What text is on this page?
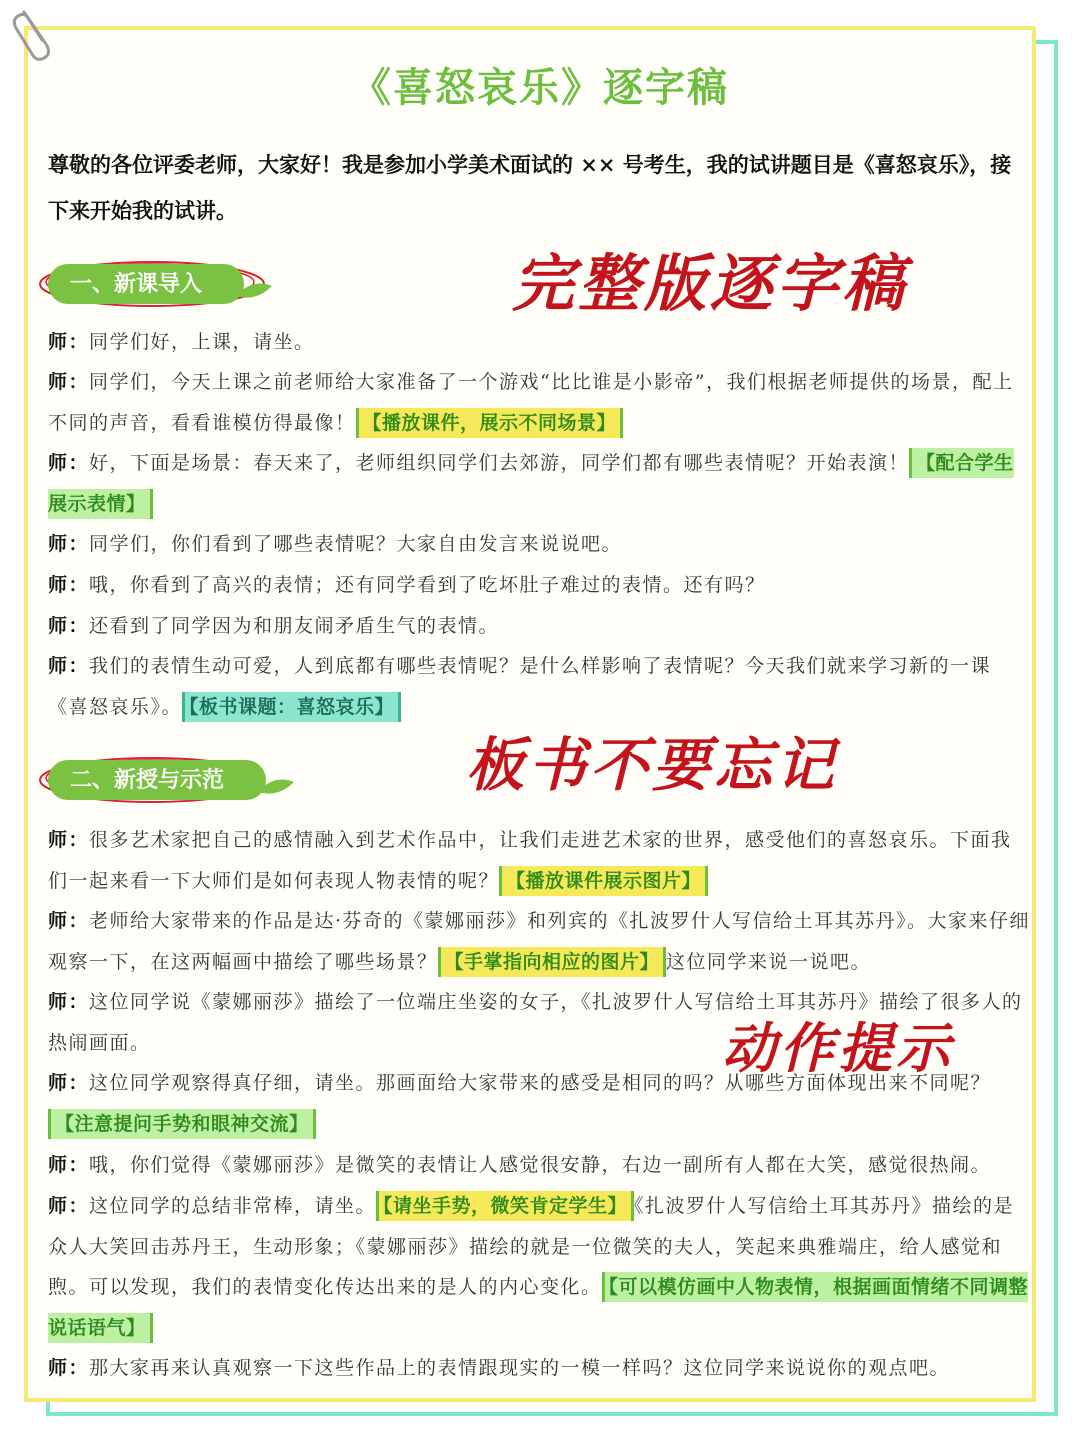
《喜怒哀乐》逐字稿
尊敬的各位评委老师，大家好！我是参加小学美术面试的 ×× 号考生，我的试讲题目是《喜怒哀乐》，接下来开始我的试讲。
一、新课导入	完整版逐字稿
师：同学们好，上课，请坐。
师：同学们，今天上课之前老师给大家准备了一个游戏“比比谁是小影帝”，我们根据老师提供的场景，配上不同的声音，看看谁模仿得最像！ 【播放课件，展示不同场景】
师：好，下面是场景：春天来了，老师组织同学们去郊游，同学们都有哪些表情呢？开始表演！ 【配合学生展示表情】
师：同学们，你们看到了哪些表情呢？大家自由发言来说说吧。
师：哦，你看到了高兴的表情；还有同学看到了吃坏肚子难过的表情。还有吗？
师：还看到了同学因为和朋友闹矛盾生气的表情。
师：我们的表情生动可爱，人到底都有哪些表情呢？是什么样影响了表情呢？今天我们就来学习新的一课《喜怒哀乐》。 【板书课题：喜怒哀乐】
二、新授与示范	板书不要忘记
师：很多艺术家把自己的感情融入到艺术作品中，让我们走进艺术家的世界，感受他们的喜怒哀乐。下面我们一起来看一下大师们是如何表现人物表情的呢？ 【播放课件展示图片】
师：老师给大家带来的作品是达·芬奇的《蒙娜丽莎》和列宾的《扎波罗什人写信给土耳其苏丹》。大家来仔细观察一下，在这两幅画中描绘了哪些场景？ 【手掌指向相应的图片】 这位同学来说一说吧。
师：这位同学说《蒙娜丽莎》描绘了一位端庄坐姿的女子，《扎波罗什人写信给土耳其苏丹》描绘了很多人的热闹画面。	动作提示
师：这位同学观察得真仔细，请坐。那画面给大家带来的感受是相同的吗？从哪些方面体现出来不同呢？【注意提问手势和眼神交流】
师：哦，你们觉得《蒙娜丽莎》是微笑的表情让人感觉很安静，右边一副所有人都在大笑，感觉很热闹。
师：这位同学的总结非常棒，请坐。 【请坐手势，微笑肯定学生】 《扎波罗什人写信给土耳其苏丹》描绘的是众人大笑回击苏丹王，生动形象；《蒙娜丽莎》描绘的就是一位微笑的夫人，笑起来典雅端庄，给人感觉和煦。可以发现，我们的表情变化传达出来的是人的内心变化。 【可以模仿画中人物表情，根据画面情绪不同调整说话语气】
师：那大家再来认真观察一下这些作品上的表情跟现实的一模一样吗？这位同学来说说你的观点吧。
